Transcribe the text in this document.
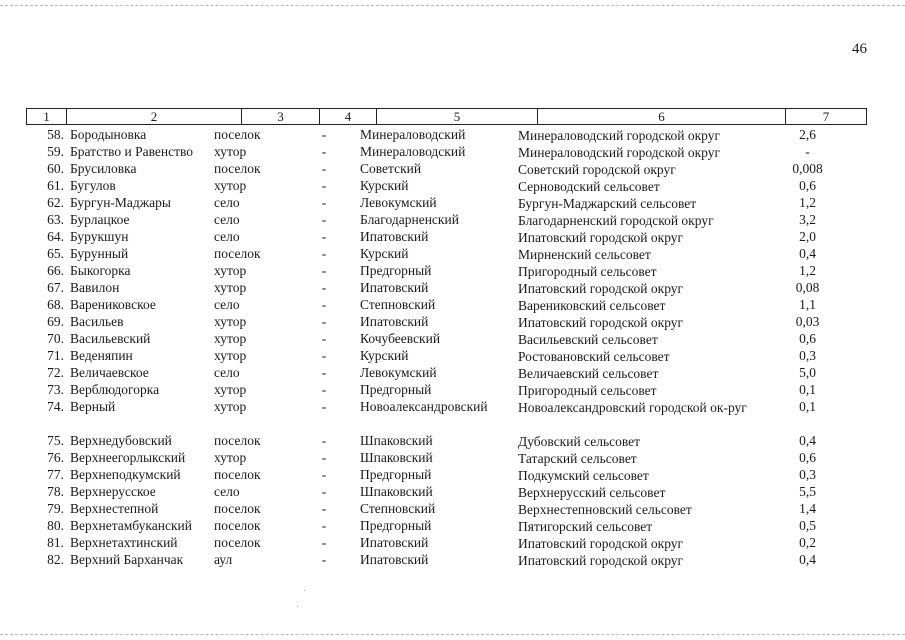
·
·
46
1	2	3	4	5	6	7
58. Бородыновка	поселок	-	Минераловодский	Минераловодский городской округ	2,6
59. Братство и Равенство	хутор	-	Минераловодский	Минераловодский городской округ	-
60. Брусиловка	поселок	-	Советский	Советский городской округ	0,008
61. Бугулов	хутор	-	Курский	Серноводский сельсовет	0,6
62. Бургун-Маджары	село	-	Левокумский	Бургун-Маджарский сельсовет	1,2
63. Бурлацкое	село	-	Благодарненский	Благодарненский городской округ	3,2
64. Бурукшун	село	-	Ипатовский	Ипатовский городской округ	2,0
65. Бурунный	поселок	-	Курский	Мирненский сельсовет	0,4
66. Быкогорка	хутор	-	Предгорный	Пригородный сельсовет	1,2
67. Вавилон	хутор	-	Ипатовский	Ипатовский городской округ	0,08
68. Варениковское	село	-	Степновский	Варениковский сельсовет	1,1
69. Васильев	хутор	-	Ипатовский	Ипатовский городской округ	0,03
70. Васильевский	хутор	-	Кочубеевский	Васильевский сельсовет	0,6
71. Веденяпин	хутор	-	Курский	Ростовановский сельсовет	0,3
72. Величаевское	село	-	Левокумский	Величаевский сельсовет	5,0
73. Верблюдогорка	хутор	-	Предгорный	Пригородный сельсовет	0,1
74. Верный	хутор	-	Новоалександровский	Новоалександровский городской ок-руг	0,1
75. Верхнедубовский	поселок	-	Шпаковский	Дубовский сельсовет	0,4
76. Верхнеегорлыкский	хутор	-	Шпаковский	Татарский сельсовет	0,6
77. Верхнеподкумский	поселок	-	Предгорный	Подкумский сельсовет	0,3
78. Верхнерусское	село	-	Шпаковский	Верхнерусский сельсовет	5,5
79. Верхнестепной	поселок	-	Степновский	Верхнестепновский сельсовет	1,4
80. Верхнетамбуканский	поселок	-	Предгорный	Пятигорский сельсовет	0,5
81. Верхнетахтинский	поселок	-	Ипатовский	Ипатовский городской округ	0,2
82. Верхний Барханчак	аул	-	Ипатовский	Ипатовский городской округ	0,4
